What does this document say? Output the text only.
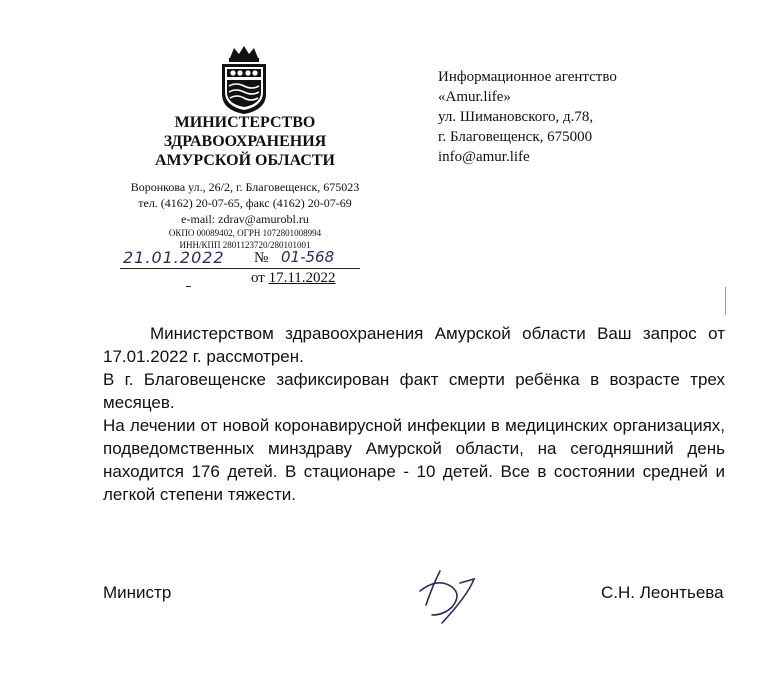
МИНИСТЕРСТВО
ЗДРАВООХРАНЕНИЯ
АМУРСКОЙ ОБЛАСТИ
Воронкова ул., 26/2, г. Благовещенск, 675023
тел. (4162) 20-07-65, факс (4162) 20-07-69
e-mail: zdrav@amurobl.ru
ОКПО 00089402, ОГРН 1072801008994
ИНН/КПП 2801123720/280101001
21.01.2022 № 01-568
от 17.11.2022
Информационное агентство
«Amur.life»
ул. Шимановского, д.78,
г. Благовещенск, 675000
info@amur.life

Министерством здравоохранения Амурской области Ваш запрос от 17.01.2022 г. рассмотрен.

В г. Благовещенске зафиксирован факт смерти ребёнка в возрасте трех месяцев.

На лечении от новой коронавирусной инфекции в медицинских организациях, подведомственных минздраву Амурской области, на сегодняшний день находится 176 детей. В стационаре - 10 детей. Все в состоянии средней и легкой степени тяжести.

Министр	С.Н. Леонтьева
